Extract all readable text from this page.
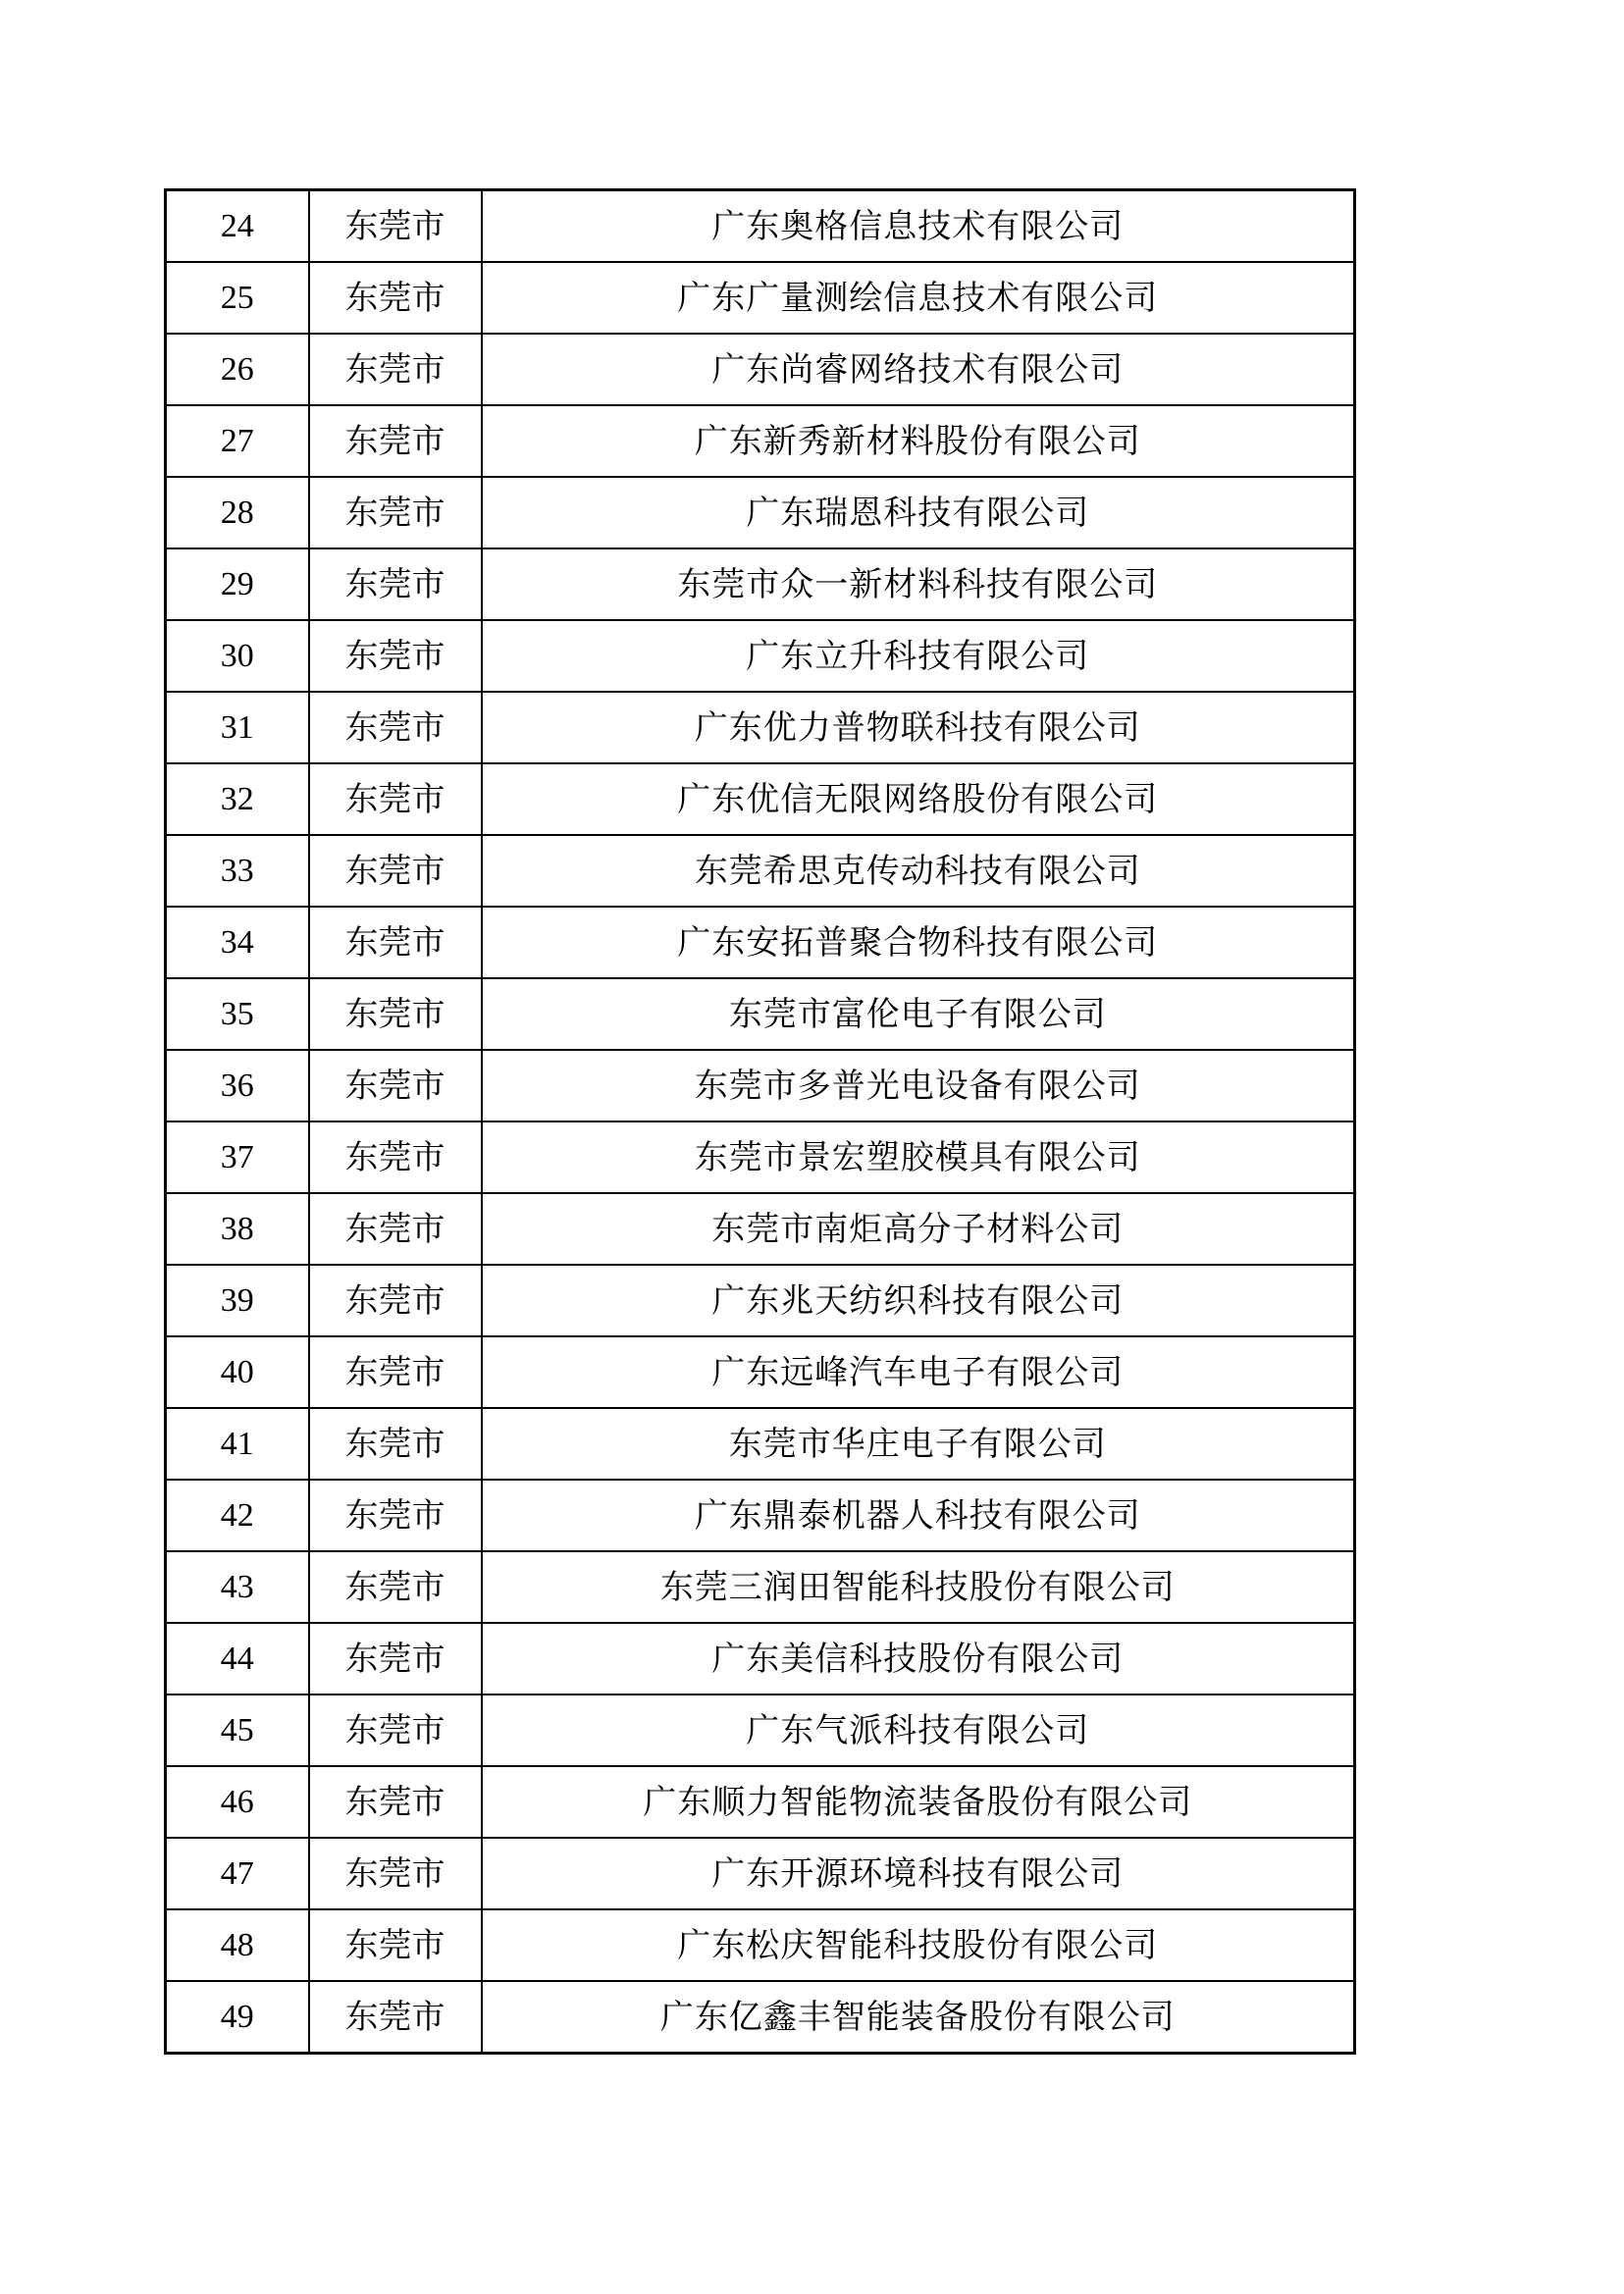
24	东莞市	广东奥格信息技术有限公司
25	东莞市	广东广量测绘信息技术有限公司
26	东莞市	广东尚睿网络技术有限公司
27	东莞市	广东新秀新材料股份有限公司
28	东莞市	广东瑞恩科技有限公司
29	东莞市	东莞市众一新材料科技有限公司
30	东莞市	广东立升科技有限公司
31	东莞市	广东优力普物联科技有限公司
32	东莞市	广东优信无限网络股份有限公司
33	东莞市	东莞希思克传动科技有限公司
34	东莞市	广东安拓普聚合物科技有限公司
35	东莞市	东莞市富伦电子有限公司
36	东莞市	东莞市多普光电设备有限公司
37	东莞市	东莞市景宏塑胶模具有限公司
38	东莞市	东莞市南炬高分子材料公司
39	东莞市	广东兆天纺织科技有限公司
40	东莞市	广东远峰汽车电子有限公司
41	东莞市	东莞市华庄电子有限公司
42	东莞市	广东鼎泰机器人科技有限公司
43	东莞市	东莞三润田智能科技股份有限公司
44	东莞市	广东美信科技股份有限公司
45	东莞市	广东气派科技有限公司
46	东莞市	广东顺力智能物流装备股份有限公司
47	东莞市	广东开源环境科技有限公司
48	东莞市	广东松庆智能科技股份有限公司
49	东莞市	广东亿鑫丰智能装备股份有限公司
